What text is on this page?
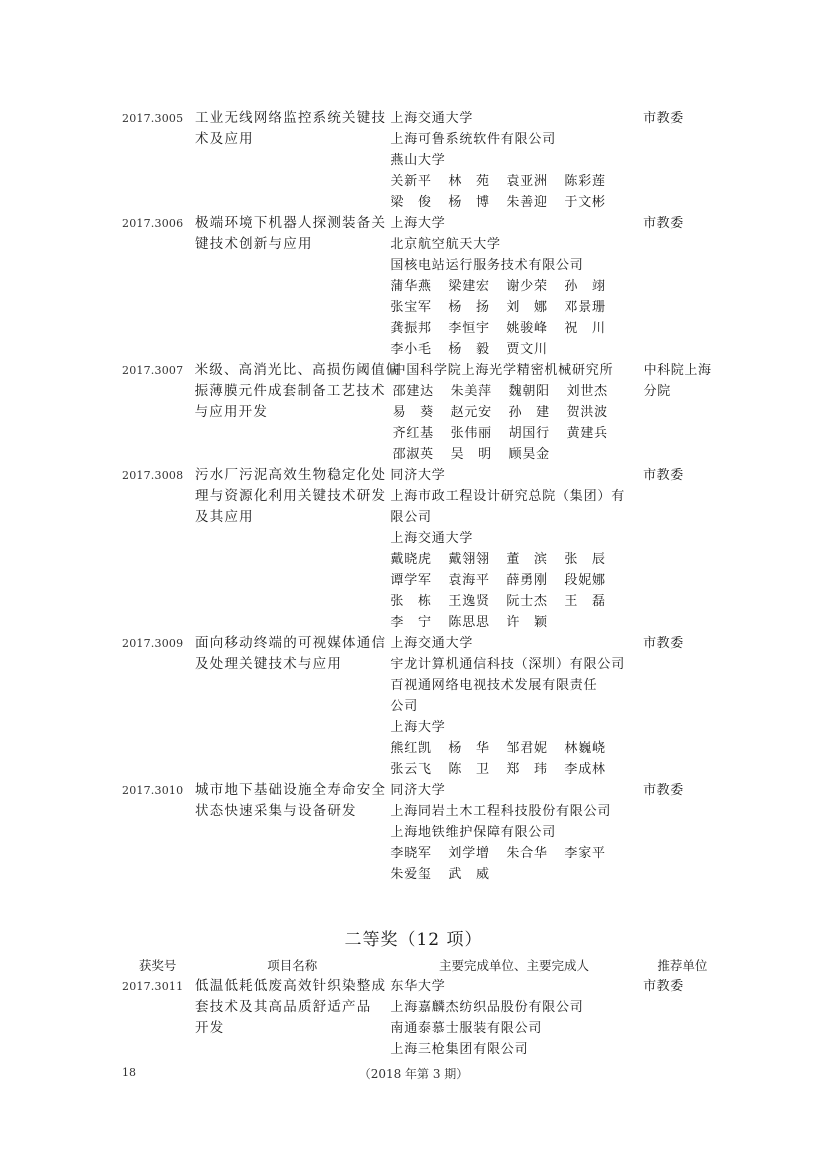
2017.3005 工业无线网络监控系统关键技
术及应用
上海交通大学
上海可鲁系统软件有限公司
燕山大学
关新平	林　苑	袁亚洲	陈彩莲
梁　俊	杨　博	朱善迎	于文彬
市教委
2017.3006 极端环境下机器人探测装备关
键技术创新与应用
上海大学
北京航空航天大学
国核电站运行服务技术有限公司
蒲华燕	梁建宏	谢少荣	孙　翊
张宝军	杨　扬	刘　娜	邓景珊
龚振邦	李恒宇	姚骏峰	祝　川
李小毛	杨　毅	贾文川
市教委
2017.3007 米级、高消光比、高损伤阈值偏
振薄膜元件成套制备工艺技术
与应用开发
中国科学院上海光学精密机械研究所
邵建达	朱美萍	魏朝阳	刘世杰
易　葵	赵元安	孙　建	贺洪波
齐红基	张伟丽	胡国行	黄建兵
邵淑英	吴　明	顾昊金
中科院上海
分院
2017.3008 污水厂污泥高效生物稳定化处
理与资源化利用关键技术研发
及其应用
同济大学
上海市政工程设计研究总院（集团）有
限公司
上海交通大学
戴晓虎	戴翎翎	董　滨	张　辰
谭学军	袁海平	薛勇刚	段妮娜
张　栋	王逸贤	阮士杰	王　磊
李　宁	陈思思	许　颖
市教委
2017.3009 面向移动终端的可视媒体通信
及处理关键技术与应用
上海交通大学
宇龙计算机通信科技（深圳）有限公司
百视通网络电视技术发展有限责任
公司
上海大学
熊红凯	杨　华	邹君妮	林巍峣
张云飞	陈　卫	郑　玮	李成林
市教委
2017.3010 城市地下基础设施全寿命安全
状态快速采集与设备研发
同济大学
上海同岩土木工程科技股份有限公司
上海地铁维护保障有限公司
李晓军	刘学增	朱合华	李家平
朱爱玺	武　威
市教委
二等奖（12 项）
获奖号	项目名称	主要完成单位、主要完成人	推荐单位
2017.3011 低温低耗低废高效针织染整成
套技术及其高品质舒适产品
开发
东华大学
上海嘉麟杰纺织品股份有限公司
南通泰慕士服装有限公司
上海三枪集团有限公司
市教委
18	（2018 年第 3 期）
